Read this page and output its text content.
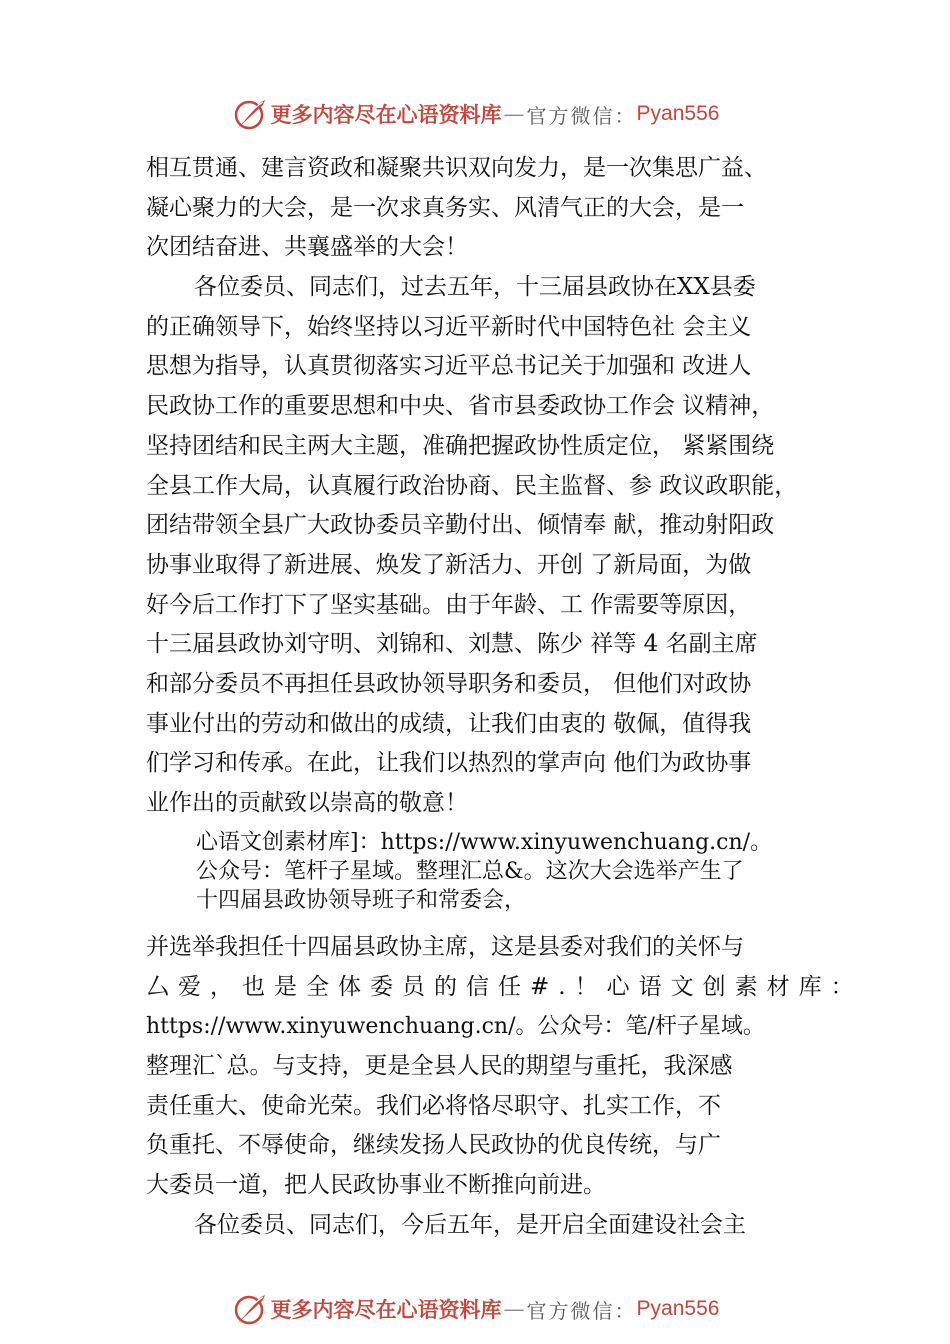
更多内容尽在心语资料库 — 官方微信： Pyan556
相互贯通、建言资政和凝聚共识双向发力，是一次集思广益、
凝心聚力的大会，是一次求真务实、风清气正的大会，是一
次团结奋进、共襄盛举的大会！
各位委员、同志们，过去五年，十三届县政协在XX县委
的正确领导下，始终坚持以习近平新时代中国特色社 会主义
思想为指导，认真贯彻落实习近平总书记关于加强和 改进人
民政协工作的重要思想和中央、省市县委政协工作会 议精神，
坚持团结和民主两大主题，准确把握政协性质定位， 紧紧围绕
全县工作大局，认真履行政治协商、民主监督、参 政议政职能，
团结带领全县广大政协委员辛勤付出、倾情奉 献，推动射阳政
协事业取得了新进展、焕发了新活力、开创 了新局面，为做
好今后工作打下了坚实基础。由于年龄、工 作需要等原因，
十三届县政协刘守明、刘锦和、刘慧、陈少 祥等 4 名副主席
和部分委员不再担任县政协领导职务和委员， 但他们对政协
事业付出的劳动和做出的成绩，让我们由衷的 敬佩，值得我
们学习和传承。在此，让我们以热烈的掌声向 他们为政协事
业作出的贡献致以崇高的敬意！
心语文创素材库]：https://www.xinyuwenchuang.cn/。
公众号：笔杆子星域。整理汇总&。这次大会选举产生了
十四届县政协领导班子和常委会，
并选举我担任十四届县政协主席，这是县委对我们的关怀与
厶爱，也是全体委员的信任#.！心语文创素材库：
https://www.xinyuwenchuang.cn/。公众号：笔/杆子星域。
整理汇`总。与支持，更是全县人民的期望与重托，我深感
责任重大、使命光荣。我们必将恪尽职守、扎实工作，不
负重托、不辱使命，继续发扬人民政协的优良传统，与广
大委员一道，把人民政协事业不断推向前进。
各位委员、同志们，今后五年，是开启全面建设社会主
更多内容尽在心语资料库 — 官方微信： Pyan556
